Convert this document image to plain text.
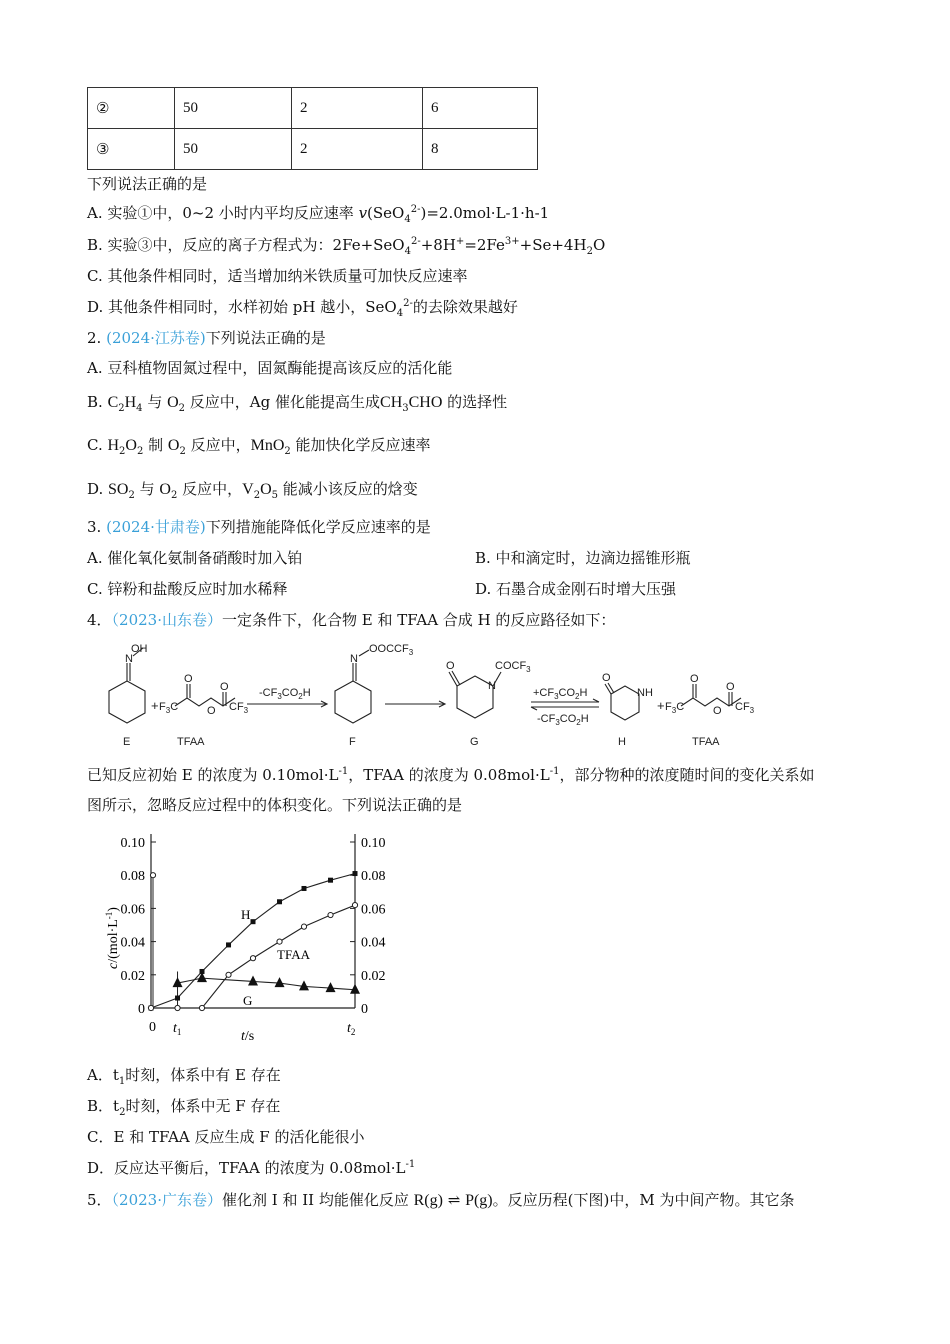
②	50	2	6
③	50	2	8
下列说法正确的是
A. 实验①中，0~2 小时内平均反应速率 v(SeO$_4^{2-}$)=2.0mol·L-1·h-1
B. 实验③中，反应的离子方程式为：$2Fe+SeO_4^{2-}+8H^+=2Fe^{3+}+Se+4H_2O$
C. 其他条件相同时，适当增加纳米铁质量可加快反应速率
D. 其他条件相同时，水样初始 pH 越小，SeO$_4^{2-}$的去除效果越好
2. (2024·江苏卷)下列说法正确的是
A. 豆科植物固氮过程中，固氮酶能提高该反应的活化能
B. $C_2H_4$ 与 $O_2$ 反应中，Ag 催化能提高生成$CH_3CHO$ 的选择性
C. $H_2O_2$ 制 $O_2$ 反应中，MnO$_2$ 能加快化学反应速率
D. $SO_2$ 与 $O_2$ 反应中，$V_2O_5$ 能减小该反应的焓变
3. (2024·甘肃卷)下列措施能降低化学反应速率的是
A. 催化氧化氨制备硝酸时加入铂	B. 中和滴定时，边滴边摇锥形瓶
C. 锌粉和盐酸反应时加水稀释	D. 石墨合成金刚石时增大压强
4．（2023·山东卷）一定条件下，化合物 E 和 TFAA 合成 H 的反应路径如下：
N
OH
+ $F_3C$
O
O
O
$CF_3$
$-CF_3CO_2H$
N
$OOCCF_3$
O
N
$COCF_3$
$+CF_3CO_2H$
$-CF_3CO_2H$
O
NH
+ $F_3C$
O
O
O
$CF_3$
E	TFAA	F	G	H	TFAA
已知反应初始 E 的浓度为 $0.10mol\cdot L^{-1}$，TFAA 的浓度为 $0.08mol\cdot L^{-1}$，部分物种的浓度随时间的变化关系如
图所示，忽略反应过程中的体积变化。下列说法正确的是
$c/(mol\cdot L^{-1})$
t/s
0 $t_1$	$t_2$
H
TFAA
G
0.10	0.10
0.08	0.08
0.06	0.06
0.04	0.04
0.02	0.02
0	0
A．$t_1$时刻，体系中有 E 存在
B．$t_2$时刻，体系中无 F 存在
C．E 和 TFAA 反应生成 F 的活化能很小
D．反应达平衡后，TFAA 的浓度为 $0.08mol\cdot L^{-1}$
5．（2023·广东卷）催化剂 I 和 II 均能催化反应 R(g) ⇌ P(g)。反应历程(下图)中，M 为中间产物。其它条
